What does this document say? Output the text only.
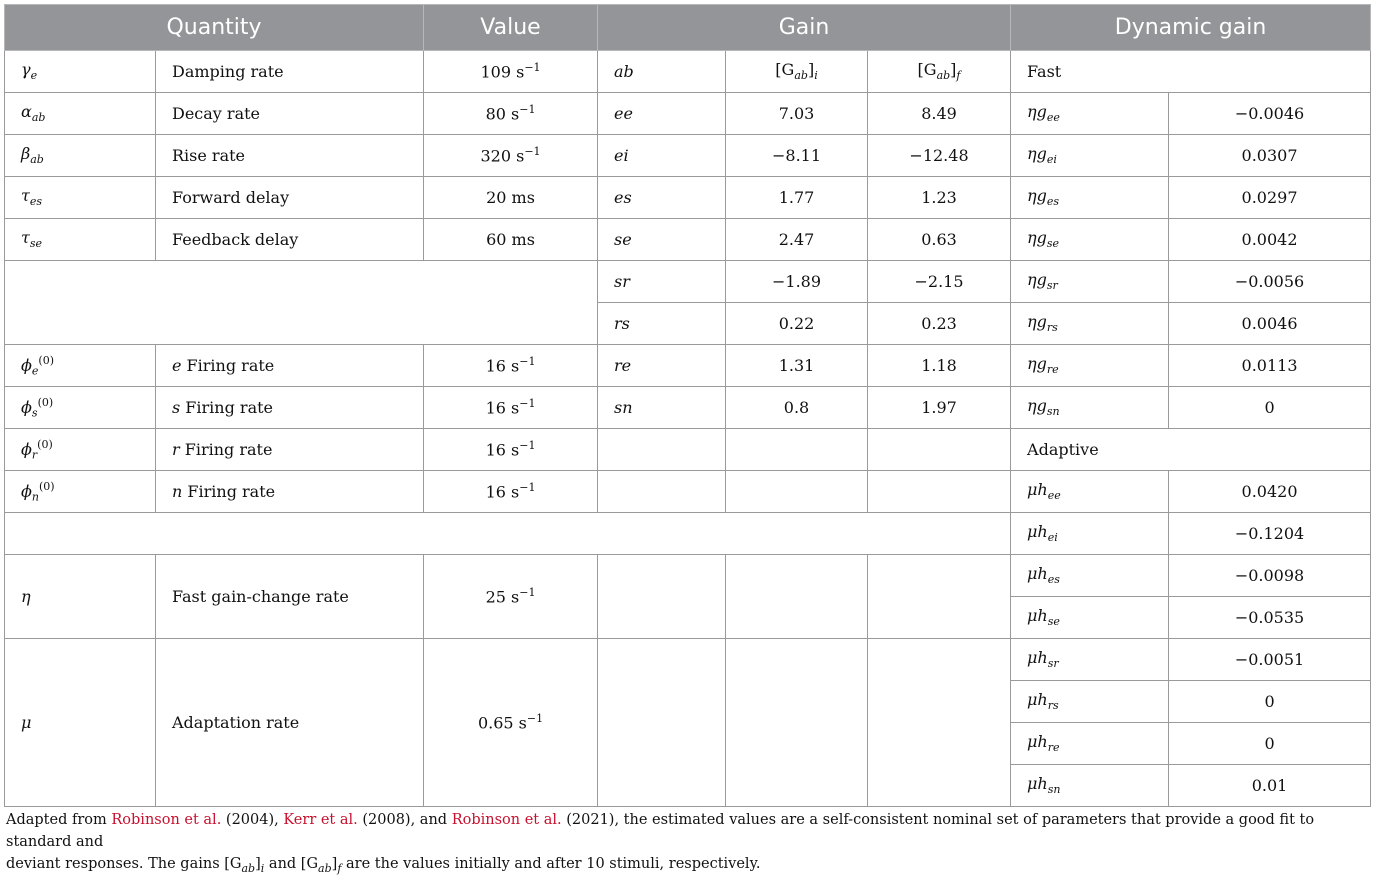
Quantity		Value	Gain			Dynamic gain	
$\gamma_e$	Damping rate	109 $s^{-1}$	ab	$[G_{ab}]_i$	$[G_{ab}]_f$	Fast	
$\alpha_{ab}$	Decay rate	80 $s^{-1}$	ee	7.03	8.49	$\eta g_{ee}$	−0.0046
$\beta_{ab}$	Rise rate	320 $s^{-1}$	ei	−8.11	−12.48	$\eta g_{ei}$	0.0307
$\tau_{es}$	Forward delay	20 ms	es	1.77	1.23	$\eta g_{es}$	0.0297
$\tau_{se}$	Feedback delay	60 ms	se	2.47	0.63	$\eta g_{se}$	0.0042
			sr	−1.89	−2.15	$\eta g_{sr}$	−0.0056
			rs	0.22	0.23	$\eta g_{rs}$	0.0046
$\phi_e^{(0)}$	e Firing rate	16 $s^{-1}$	re	1.31	1.18	$\eta g_{re}$	0.0113
$\phi_s^{(0)}$	s Firing rate	16 $s^{-1}$	sn	0.8	1.97	$\eta g_{sn}$	0
$\phi_r^{(0)}$	r Firing rate	16 $s^{-1}$				Adaptive	
$\phi_n^{(0)}$	n Firing rate	16 $s^{-1}$				$\mu h_{ee}$	0.0420
						$\mu h_{ei}$	−0.1204
η	Fast gain-change rate	25 $s^{-1}$				$\mu h_{es}$	−0.0098
						$\mu h_{se}$	−0.0535
μ	Adaptation rate	0.65 $s^{-1}$				$\mu h_{sr}$	−0.0051
						$\mu h_{rs}$	0
						$\mu h_{re}$	0
						$\mu h_{sn}$	0.01
Adapted from Robinson et al. (2004), Kerr et al. (2008), and Robinson et al. (2021), the estimated values are a self-consistent nominal set of parameters that provide a good fit to standard and
deviant responses. The gains $[G_{ab}]_i$ and $[G_{ab}]_f$ are the values initially and after 10 stimuli, respectively.
